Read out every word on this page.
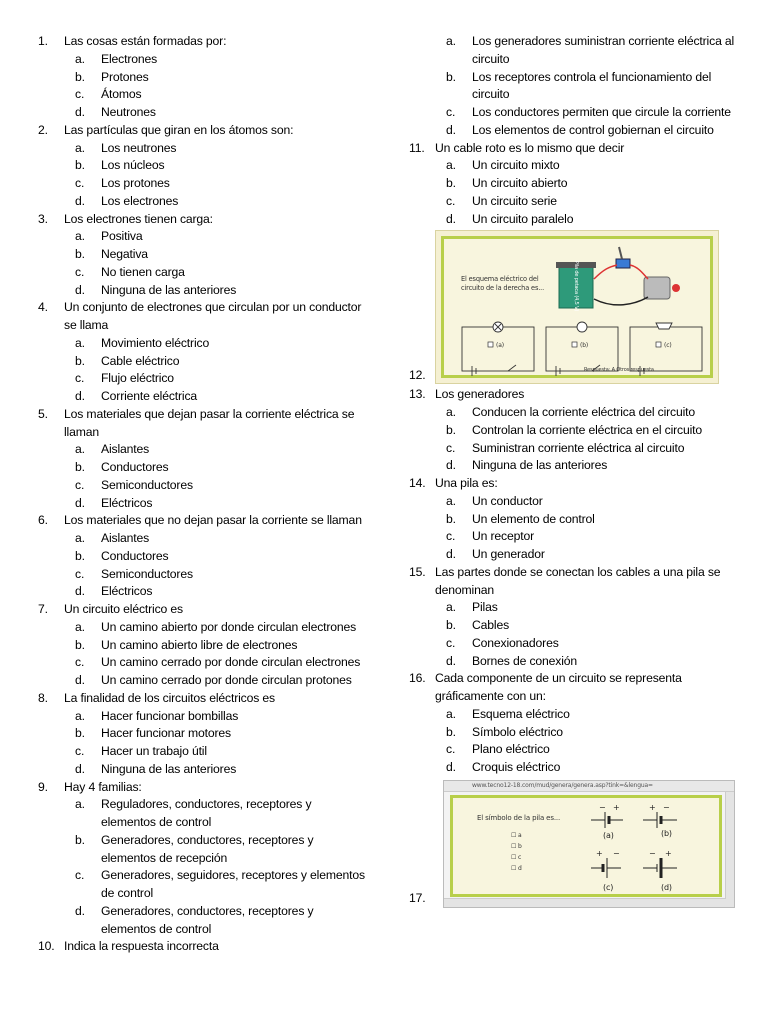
1.	Las cosas están formadas por:
a.	Electrones
b.	Protones
c.	Átomos
d.	Neutrones
2.	Las partículas que giran en los átomos son:
a.	Los neutrones
b.	Los núcleos
c.	Los protones
d.	Los electrones
3.	Los electrones tienen carga:
a.	Positiva
b.	Negativa
c.	No tienen carga
d.	Ninguna de las anteriores
4.	Un conjunto de electrones que circulan por un conductor se llama
a.	Movimiento eléctrico
b.	Cable eléctrico
c.	Flujo eléctrico
d.	Corriente eléctrica
5.	Los materiales que dejan pasar la corriente eléctrica se llaman
a.	Aislantes
b.	Conductores
c.	Semiconductores
d.	Eléctricos
6.	Los materiales que no dejan pasar la corriente se llaman
a.	Aislantes
b.	Conductores
c.	Semiconductores
d.	Eléctricos
7.	Un circuito eléctrico es
a.	Un camino abierto por donde circulan electrones
b.	Un camino abierto libre de electrones
c.	Un camino cerrado por donde circulan electrones
d.	Un camino cerrado por donde circulan protones
8.	La finalidad de los circuitos eléctricos es
a.	Hacer funcionar bombillas
b.	Hacer funcionar motores
c.	Hacer un trabajo útil
d.	Ninguna de las anteriores
9.	Hay 4 familias:
a.	Reguladores, conductores, receptores y elementos de control
b.	Generadores, conductores, receptores y elementos de recepción
c.	Generadores, seguidores, receptores y elementos de control
d.	Generadores, conductores, receptores y elementos de control
10. Indica la respuesta incorrecta
a.	Los generadores suministran corriente eléctrica al circuito
b.	Los receptores controla el funcionamiento del circuito
c.	Los conductores permiten que circule la corriente
d.	Los elementos de control gobiernan el circuito
11. Un cable roto es lo mismo que decir
a.	Un circuito mixto
b.	Un circuito abierto
c.	Un circuito serie
d.	Un circuito paralelo
12.
El esquema eléctrico del circuito de la derecha es...	Pila de petaca (4,5 V)
(a)	(b)	(c)
Respuesta: A Otros respuesta
13. Los generadores
a.	Conducen la corriente eléctrica del circuito
b.	Controlan la corriente eléctrica en el circuito
c.	Suministran corriente eléctrica al circuito
d.	Ninguna de las anteriores
14. Una pila es:
a.	Un conductor
b.	Un elemento de control
c.	Un receptor
d.	Un generador
15. Las partes donde se conectan los cables a una pila se denominan
a.	Pilas
b.	Cables
c.	Conexionadores
d.	Bornes de conexión
16. Cada componente de un circuito se representa gráficamente con un:
a.	Esquema eléctrico
b.	Símbolo eléctrico
c.	Plano eléctrico
d.	Croquis eléctrico
17.
www.tecno12-18.com/mud/genera/genera.asp?tink=&lengua=
El símbolo de la pila es...
☐ a
☐ b
☐ c
☐ d
− +	+ −
+ −	− +
(a)	(b)
(c)	(d)
